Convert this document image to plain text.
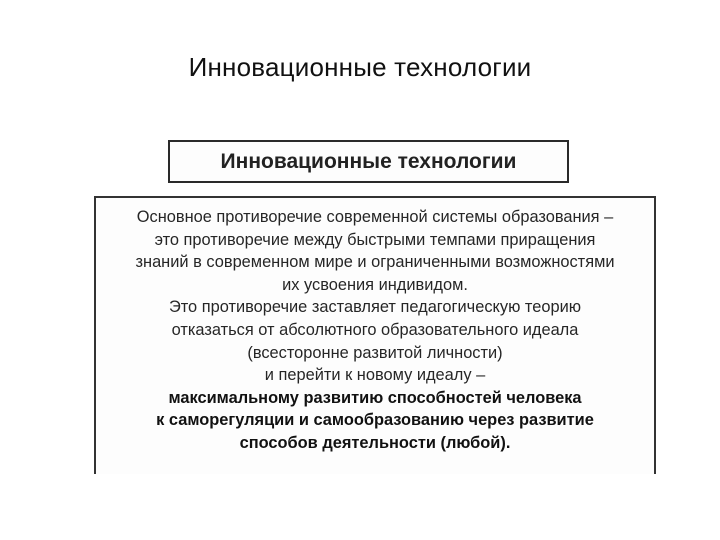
Инновационные технологии
Инновационные технологии
Основное противоречие современной системы образования –
это противоречие между быстрыми темпами приращения
знаний в современном мире и ограниченными возможностями
их усвоения индивидом.
Это противоречие заставляет педагогическую теорию
отказаться от абсолютного образовательного идеала
(всесторонне развитой личности)
и перейти к новому идеалу –
максимальному развитию способностей человека
к саморегуляции и самообразованию через развитие
способов деятельности (любой).
